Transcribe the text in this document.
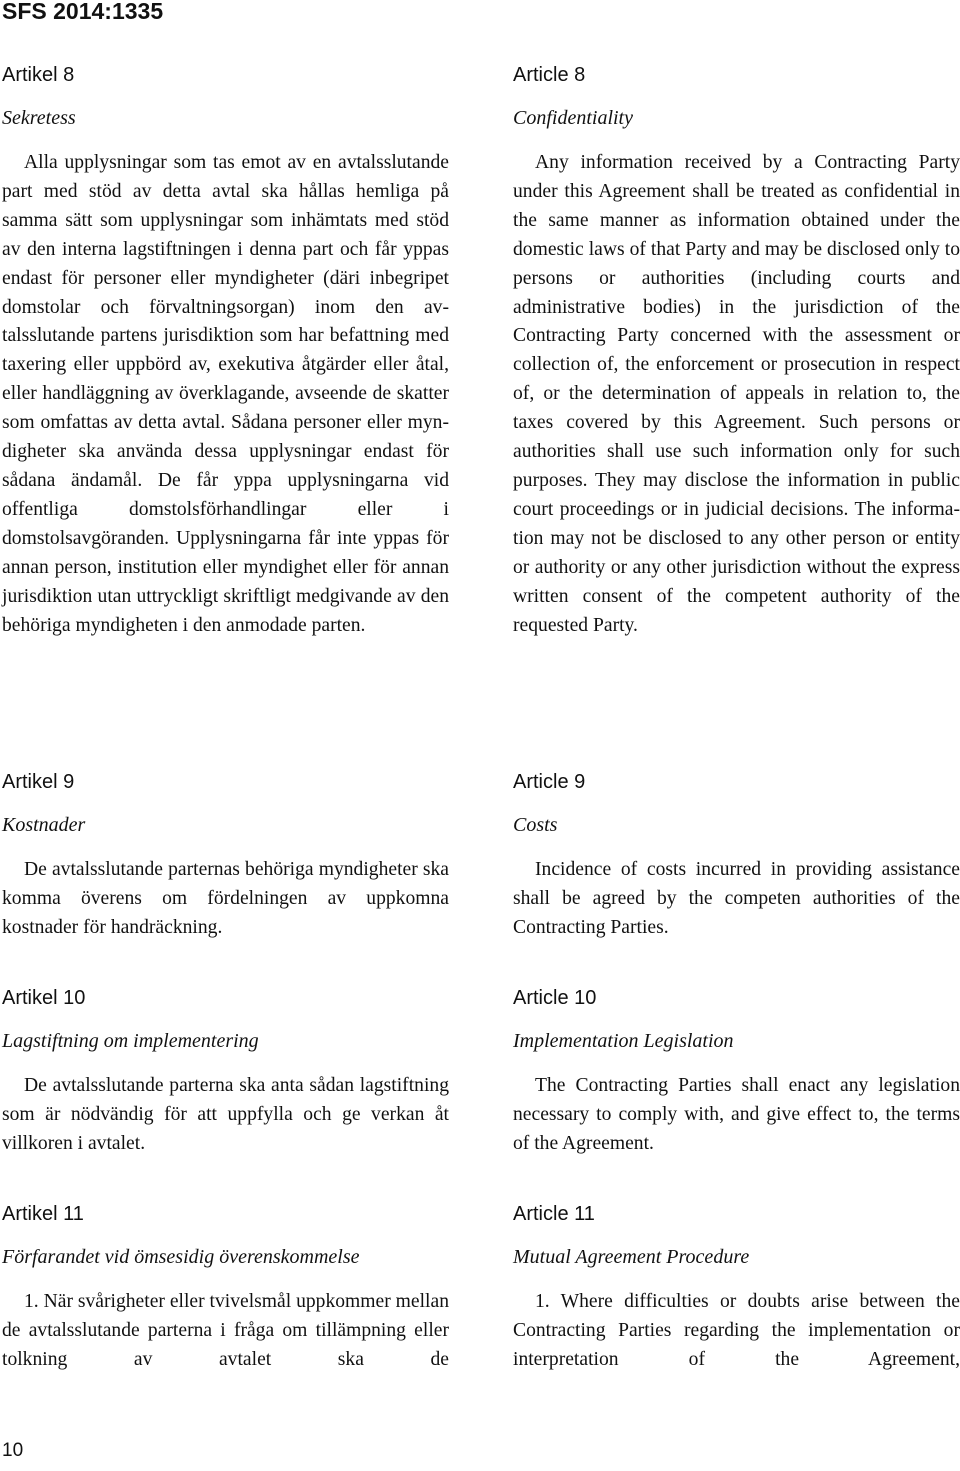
SFS 2014:1335
Artikel 8
Sekretess

Alla upplysningar som tas emot av en avtalsslutande part med stöd av detta avtal ska hållas hemliga på samma sätt som upplysningar som inhämtats med stöd av den interna lagstiftningen i denna part och får yppas endast för personer eller myndigheter (däri inbegripet domstolar och förvaltningsorgan) inom den avtalsslutande partens jurisdiktion som har befattning med taxering eller uppbörd av, exekutiva åtgärder eller åtal, eller handläggning av överklagande, avseende de skatter som omfattas av detta avtal. Sådana personer eller myndigheter ska använda dessa upplysningar endast för sådana ändamål. De får yppa upplysningarna vid offentliga domstolsförhandlingar eller i domstolsavgöranden. Upplysningarna får inte yppas för annan person, institution eller myndighet eller för annan jurisdiktion utan uttryckligt skriftligt medgivande av den behöriga myndigheten i den anmodade parten.

Article 8
Confidentiality

Any information received by a Contracting Party under this Agreement shall be treated as confidential in the same manner as information obtained under the domestic laws of that Party and may be disclosed only to persons or authorities (including courts and administrative bodies) in the jurisdiction of the Contracting Party concerned with the assessment or collection of, the enforcement or prosecution in respect of, or the determination of appeals in relation to, the taxes covered by this Agreement. Such persons or authorities shall use such information only for such purposes. They may disclose the information in public court proceedings or in judicial decisions. The information may not be disclosed to any other person or entity or authority or any other jurisdiction without the express written consent of the competent authority of the requested Party.

Artikel 9
Kostnader

De avtalsslutande parternas behöriga myndigheter ska komma överens om fördelningen av uppkomna kostnader för handräckning.

Article 9
Costs

Incidence of costs incurred in providing assistance shall be agreed by the competen authorities of the Contracting Parties.

Artikel 10
Lagstiftning om implementering

De avtalsslutande parterna ska anta sådan lagstiftning som är nödvändig för att uppfylla och ge verkan åt villkoren i avtalet.

Article 10
Implementation Legislation

The Contracting Parties shall enact any legislation necessary to comply with, and give effect to, the terms of the Agreement.

Artikel 11
Förfarandet vid ömsesidig överenskommelse

1. När svårigheter eller tvivelsmål uppkommer mellan de avtalsslutande parterna i fråga om tillämpning eller tolkning av avtalet ska de

Article 11
Mutual Agreement Procedure

1. Where difficulties or doubts arise between the Contracting Parties regarding the implementation or interpretation of the Agreement,

10
